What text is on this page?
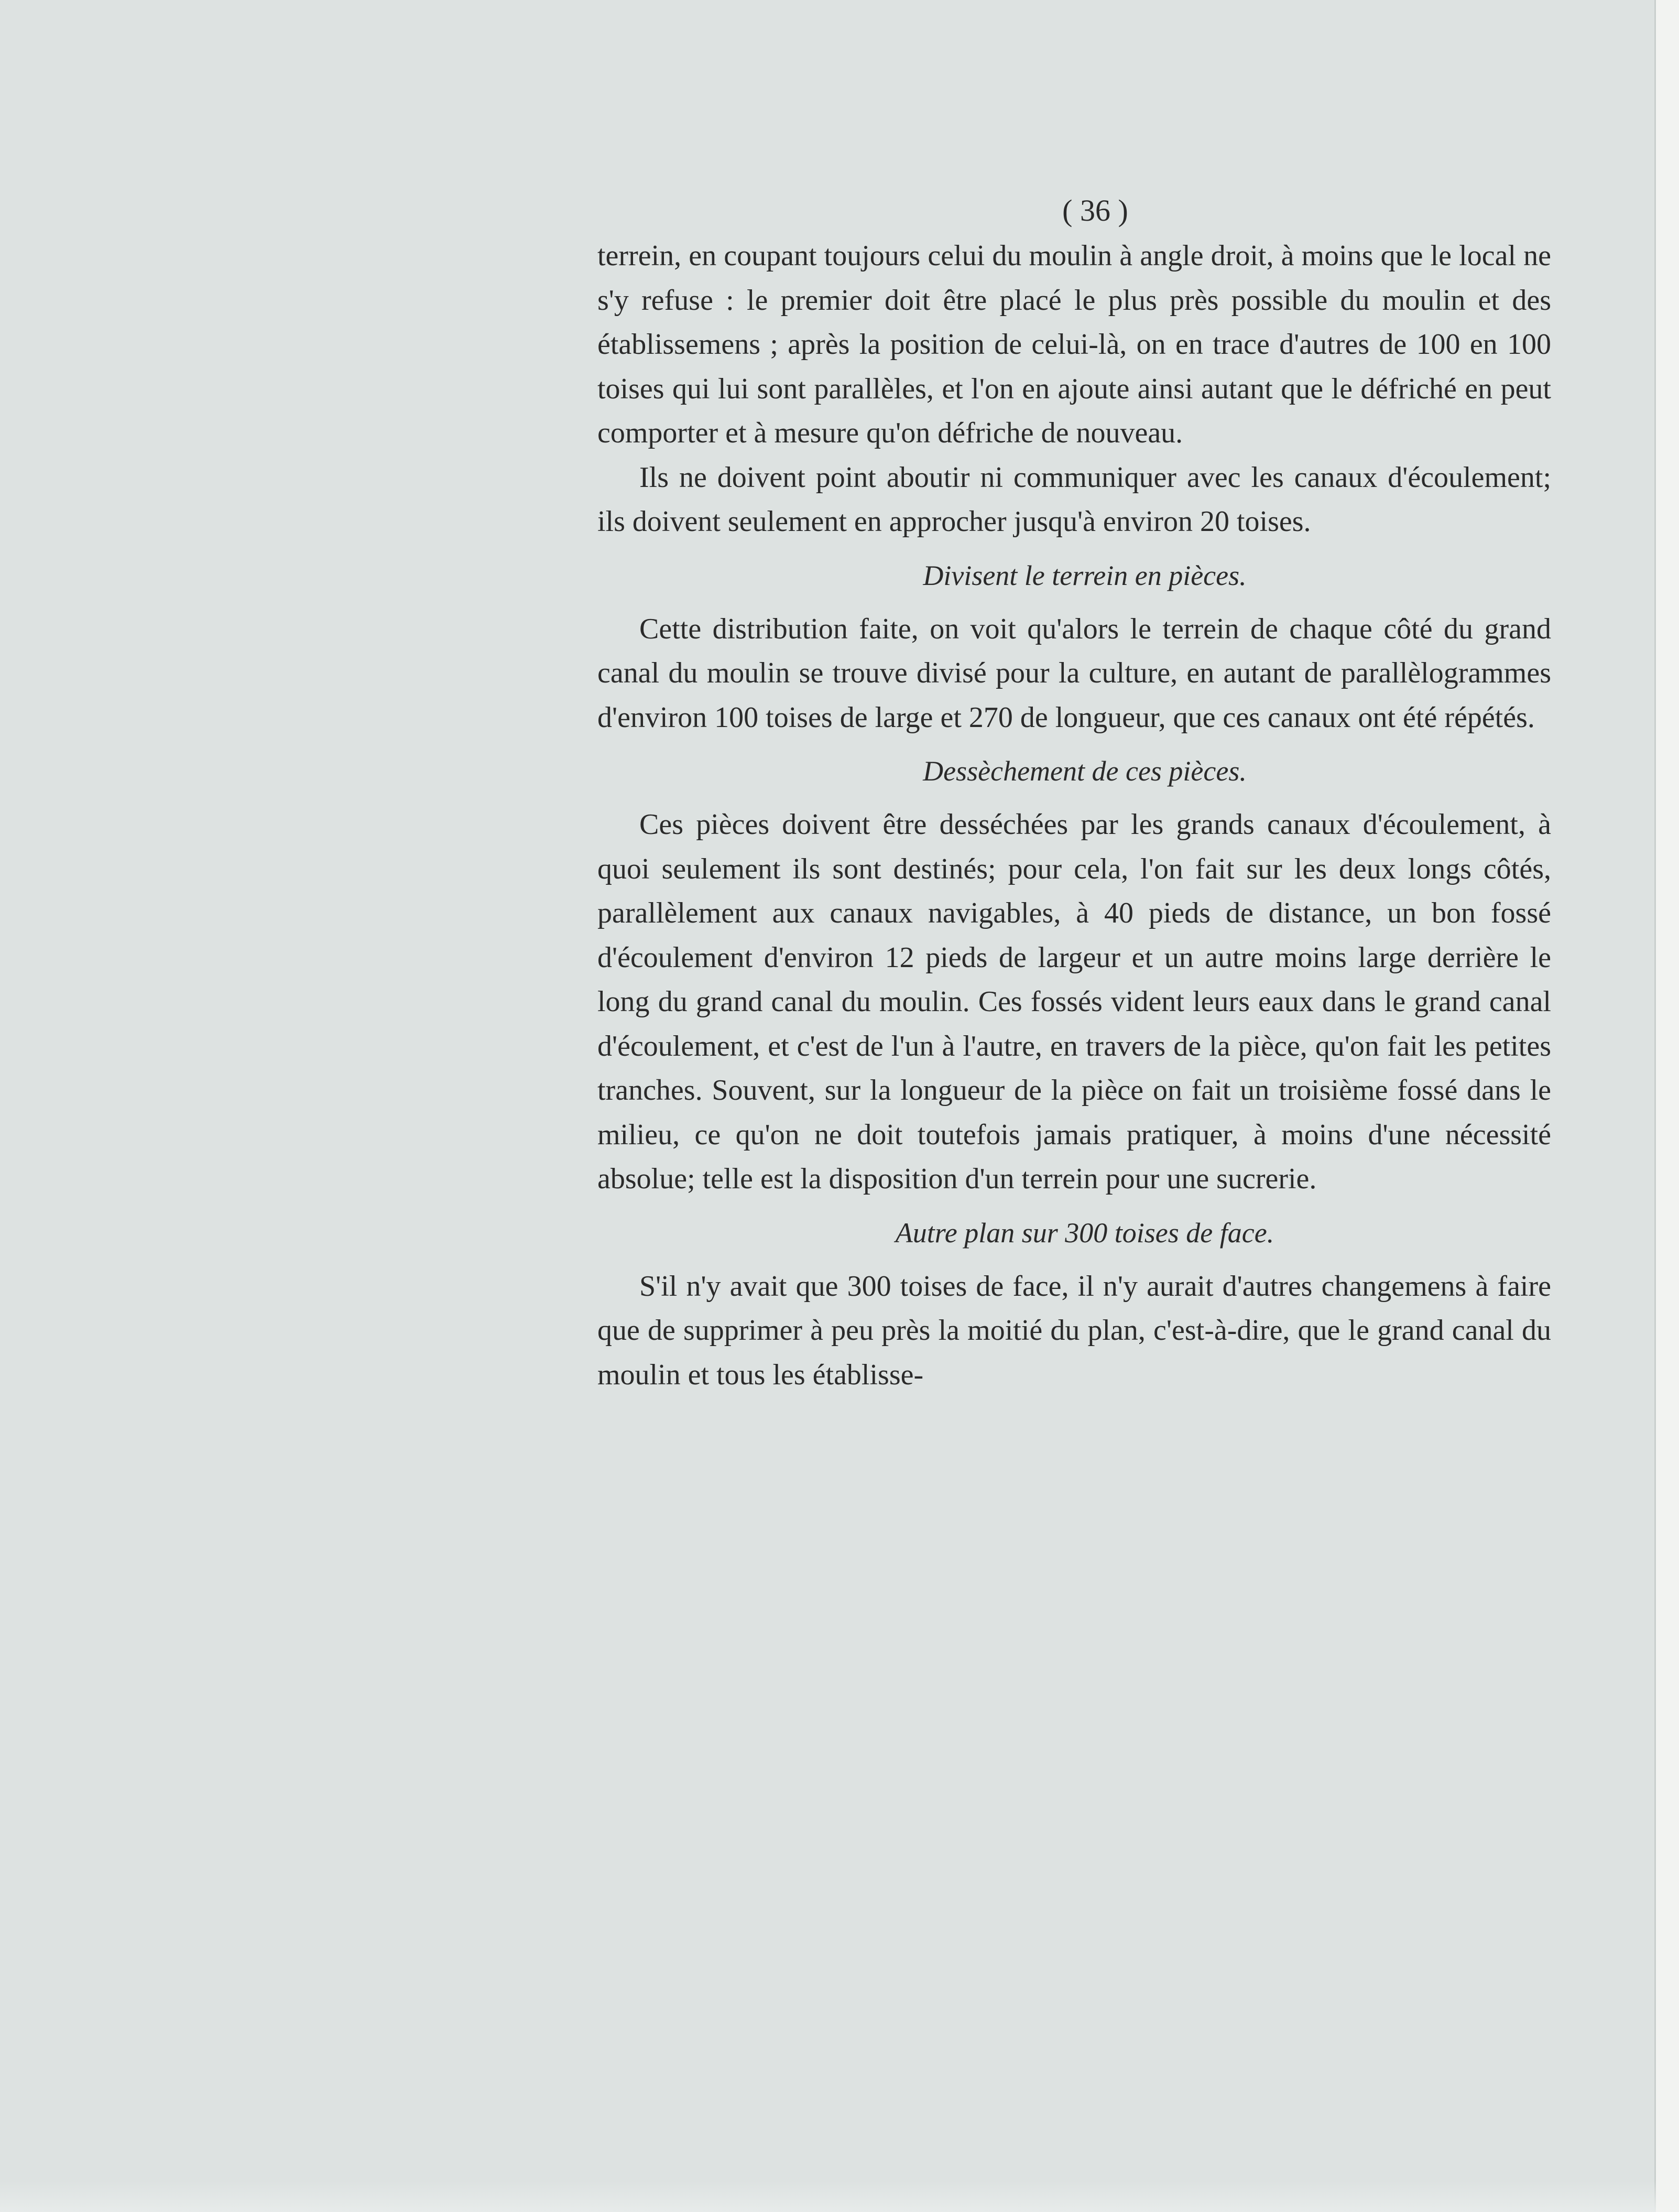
( 36 )

terrein, en coupant toujours celui du moulin à angle droit, à moins que le local ne s'y refuse : le premier doit être placé le plus près possible du moulin et des établissemens ; après la position de celui-là, on en trace d'autres de 100 en 100 toises qui lui sont parallèles, et l'on en ajoute ainsi autant que le défriché en peut comporter et à mesure qu'on défriche de nouveau.

Ils ne doivent point aboutir ni communiquer avec les canaux d'écoulement; ils doivent seulement en approcher jusqu'à environ 20 toises.

Divisent le terrein en pièces.

Cette distribution faite, on voit qu'alors le terrein de chaque côté du grand canal du moulin se trouve divisé pour la culture, en autant de parallèlogrammes d'environ 100 toises de large et 270 de longueur, que ces canaux ont été répétés.

Dessèchement de ces pièces.

Ces pièces doivent être desséchées par les grands canaux d'écoulement, à quoi seulement ils sont destinés; pour cela, l'on fait sur les deux longs côtés, parallèlement aux canaux navigables, à 40 pieds de distance, un bon fossé d'écoulement d'environ 12 pieds de largeur et un autre moins large derrière le long du grand canal du moulin. Ces fossés vident leurs eaux dans le grand canal d'écoulement, et c'est de l'un à l'autre, en travers de la pièce, qu'on fait les petites tranches. Souvent, sur la longueur de la pièce on fait un troisième fossé dans le milieu, ce qu'on ne doit toutefois jamais pratiquer, à moins d'une nécessité absolue; telle est la disposition d'un terrein pour une sucrerie.

Autre plan sur 300 toises de face.

S'il n'y avait que 300 toises de face, il n'y aurait d'autres changemens à faire que de supprimer à peu près la moitié du plan, c'est-à-dire, que le grand canal du moulin et tous les établisse-
